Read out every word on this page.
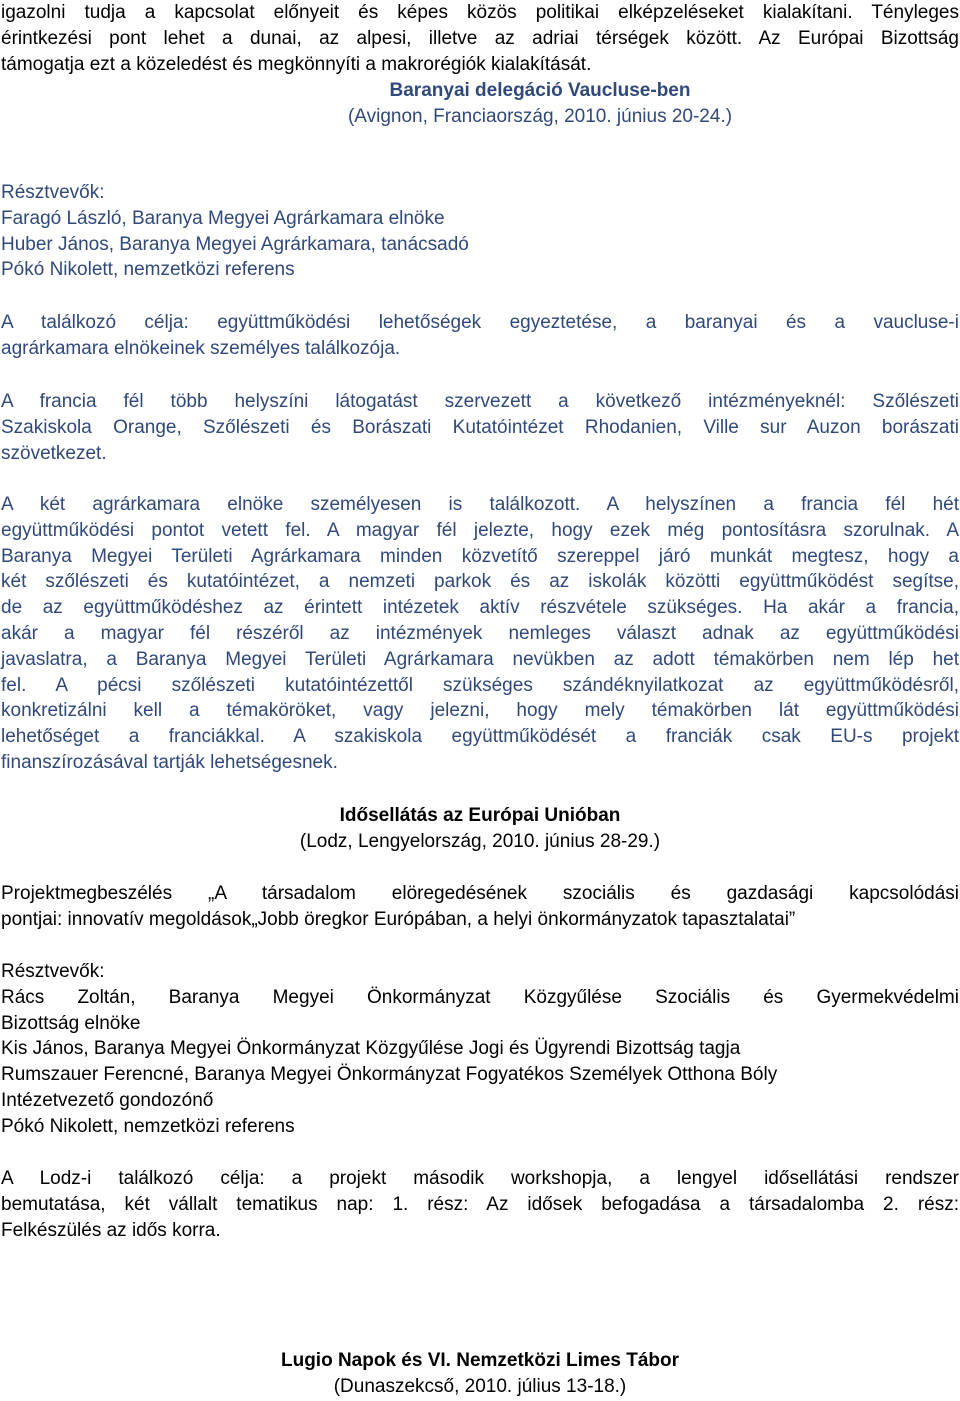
igazolni tudja a kapcsolat előnyeit és képes közös politikai elképzeléseket kialakítani. Tényleges
érintkezési pont lehet a dunai, az alpesi, illetve az adriai térségek között. Az Európai Bizottság
támogatja ezt a közeledést és megkönnyíti a makrorégiók kialakítását.

Baranyai delegáció Vaucluse-ben
(Avignon, Franciaország, 2010. június 20-24.)

Résztvevők:
Faragó László, Baranya Megyei Agrárkamara elnöke
Huber János, Baranya Megyei Agrárkamara, tanácsadó
Pókó Nikolett, nemzetközi referens

A találkozó célja: együttműködési lehetőségek egyeztetése, a baranyai és a vaucluse-i
agrárkamara elnökeinek személyes találkozója.

A francia fél több helyszíni látogatást szervezett a következő intézményeknél: Szőlészeti
Szakiskola Orange, Szőlészeti és Borászati Kutatóintézet Rhodanien, Ville sur Auzon borászati
szövetkezet.

A két agrárkamara elnöke személyesen is találkozott. A helyszínen a francia fél hét
együttműködési pontot vetett fel. A magyar fél jelezte, hogy ezek még pontosításra szorulnak. A
Baranya Megyei Területi Agrárkamara minden közvetítő szereppel járó munkát megtesz, hogy a
két szőlészeti és kutatóintézet, a nemzeti parkok és az iskolák közötti együttműködést segítse,
de az együttműködéshez az érintett intézetek aktív részvétele szükséges. Ha akár a francia,
akár a magyar fél részéről az intézmények nemleges választ adnak az együttműködési
javaslatra, a Baranya Megyei Területi Agrárkamara nevükben az adott témakörben nem lép het
fel. A pécsi szőlészeti kutatóintézettől szükséges szándéknyilatkozat az együttműködésről,
konkretizálni kell a témaköröket, vagy jelezni, hogy mely témakörben lát együttműködési
lehetőséget a franciákkal. A szakiskola együttműködését a franciák csak EU-s projekt
finanszírozásával tartják lehetségesnek.

Idősellátás az Európai Unióban
(Lodz, Lengyelország, 2010. június 28-29.)

Projektmegbeszélés „A társadalom elöregedésének szociális és gazdasági kapcsolódási
pontjai: innovatív megoldások„Jobb öregkor Európában, a helyi önkormányzatok tapasztalatai”

Résztvevők:
Rács Zoltán, Baranya Megyei Önkormányzat Közgyűlése Szociális és Gyermekvédelmi
Bizottság elnöke
Kis János, Baranya Megyei Önkormányzat Közgyűlése Jogi és Ügyrendi Bizottság tagja
Rumszauer Ferencné, Baranya Megyei Önkormányzat Fogyatékos Személyek Otthona Bóly
Intézetvezető gondozónő
Pókó Nikolett, nemzetközi referens

A Lodz-i találkozó célja: a projekt második workshopja, a lengyel idősellátási rendszer
bemutatása, két vállalt tematikus nap: 1. rész: Az idősek befogadása a társadalomba 2. rész:
Felkészülés az idős korra.

Lugio Napok és VI. Nemzetközi Limes Tábor
(Dunaszekcső, 2010. július 13-18.)
